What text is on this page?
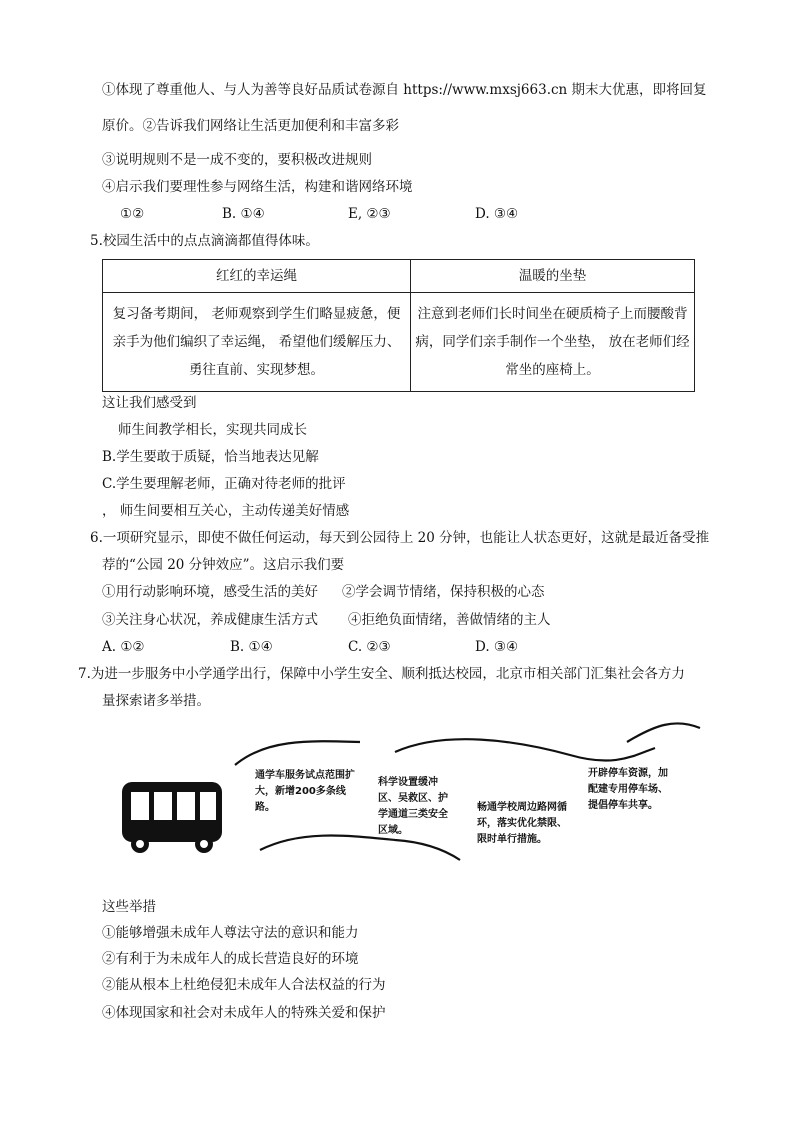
①体现了尊重他人、与人为善等良好品质试卷源自 https://www.mxsj663.cn 期末大优惠，即将回复
原价。②告诉我们网络让生活更加便利和丰富多彩
③说明规则不是一成不变的，要积极改进规则
④启示我们要理性参与网络生活，构建和谐网络环境
①②	B. ①④	E, ②③	D. ③④
5.校园生活中的点点滴滴都值得体味。
红红的幸运绳	温暖的坐垫
复习备考期间， 老师观察到学生们略显疲惫，便亲手为他们编织了幸运绳， 希望他们缓解压力、勇往直前、实现梦想。	注意到老师们长时间坐在硬质椅子上而腰酸背病，同学们亲手制作一个坐垫， 放在老师们经常坐的座椅上。
这让我们感受到
师生间教学相长，实现共同成长
B.学生要敢于质疑，恰当地表达见解
C.学生要理解老师，正确对待老师的批评
， 师生间要相互关心，主动传递美好情感
6.一项研究显示，即使不做任何运动，每天到公园待上 20 分钟，也能让人状态更好，这就是最近备受推
荐的“公园 20 分钟效应”。这启示我们要
①用行动影响环境，感受生活的美好 ②学会调节情绪，保持积极的心态
③关注身心状况，养成健康生活方式 ④拒绝负面情绪，善做情绪的主人
A. ①②	B. ①④	C. ②③	D. ③④
7.为进一步服务中小学通学出行，保障中小学生安全、顺利抵达校园，北京市相关部门汇集社会各方力
量探索诸多举措。
通学车服务试点范围扩大，新增200多条线路。
科学设置缓冲区、吴救区、护学通道三类安全区域。
畅通学校周边路网循环，落实优化禁限、限时单行措施。
开辟停车资源，加配建专用停车场、提倡停车共享。
这些举措
①能够增强未成年人尊法守法的意识和能力
②有利于为未成年人的成长营造良好的环境
②能从根本上杜绝侵犯未成年人合法权益的行为
④体现国家和社会对未成年人的特殊关爱和保护
